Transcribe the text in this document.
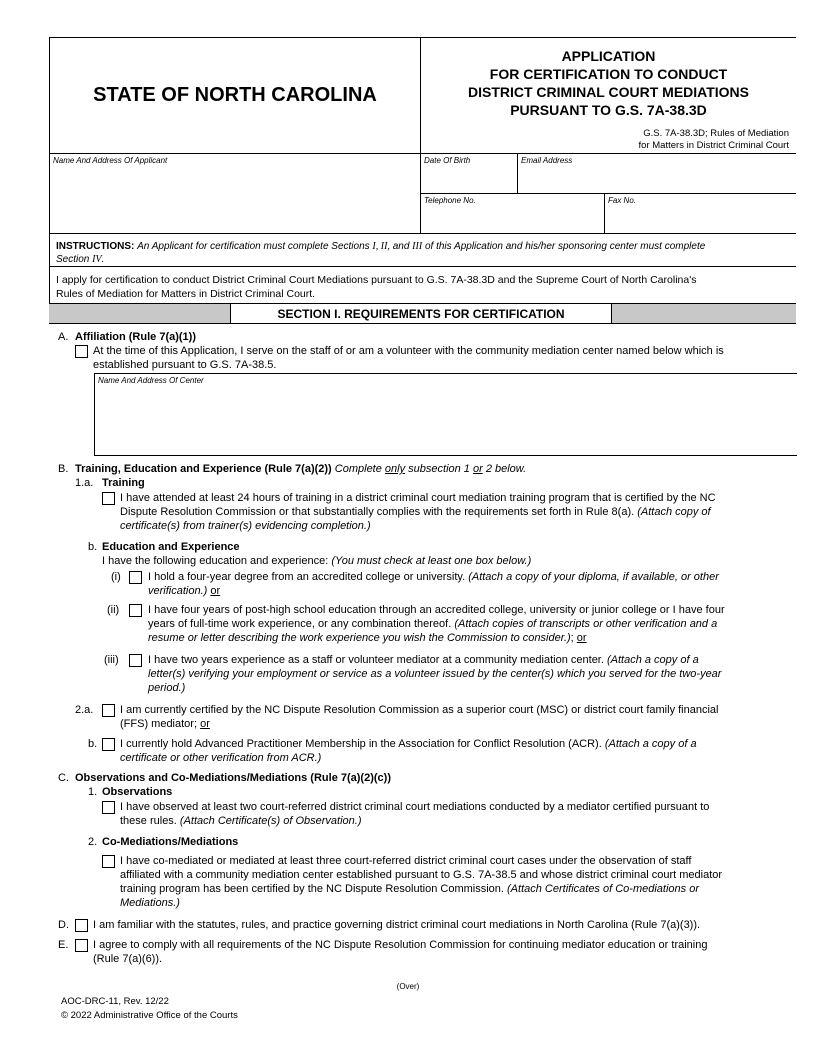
STATE OF NORTH CAROLINA
APPLICATION
FOR CERTIFICATION TO CONDUCT
DISTRICT CRIMINAL COURT MEDIATIONS
PURSUANT TO G.S. 7A-38.3D
G.S. 7A-38.3D; Rules of Mediation
for Matters in District Criminal Court
Name And Address Of Applicant	Date Of Birth	Email Address
Telephone No.	Fax No.
INSTRUCTIONS: An Applicant for certification must complete Sections I, II, and III of this Application and his/her sponsoring center must complete
Section IV.
I apply for certification to conduct District Criminal Court Mediations pursuant to G.S. 7A-38.3D and the Supreme Court of North Carolina's
Rules of Mediation for Matters in District Criminal Court.
SECTION I. REQUIREMENTS FOR CERTIFICATION
A. Affiliation (Rule 7(a)(1))
At the time of this Application, I serve on the staff of or am a volunteer with the community mediation center named below which is
established pursuant to G.S. 7A-38.5.
Name And Address Of Center
B. Training, Education and Experience (Rule 7(a)(2)) Complete only subsection 1 or 2 below.
1.a. Training
I have attended at least 24 hours of training in a district criminal court mediation training program that is certified by the NC
Dispute Resolution Commission or that substantially complies with the requirements set forth in Rule 8(a). (Attach copy of
certificate(s) from trainer(s) evidencing completion.)
b. Education and Experience
I have the following education and experience: (You must check at least one box below.)
(i) I hold a four-year degree from an accredited college or university. (Attach a copy of your diploma, if available, or other
verification.) or
(ii)	I have four years of post-high school education through an accredited college, university or junior college or I have four
years of full-time work experience, or any combination thereof. (Attach copies of transcripts or other verification and a
resume or letter describing the work experience you wish the Commission to consider.); or
(iii)	I have two years experience as a staff or volunteer mediator at a community mediation center. (Attach a copy of a
letter(s) verifying your employment or service as a volunteer issued by the center(s) which you served for the two-year
period.)
2.a. I am currently certified by the NC Dispute Resolution Commission as a superior court (MSC) or district court family financial
(FFS) mediator; or
b. I currently hold Advanced Practitioner Membership in the Association for Conflict Resolution (ACR). (Attach a copy of a
certificate or other verification from ACR.)
C. Observations and Co-Mediations/Mediations (Rule 7(a)(2)(c))
1. Observations
I have observed at least two court-referred district criminal court mediations conducted by a mediator certified pursuant to
these rules. (Attach Certificate(s) of Observation.)
2. Co-Mediations/Mediations
I have co-mediated or mediated at least three court-referred district criminal court cases under the observation of staff
affiliated with a community mediation center established pursuant to G.S. 7A-38.5 and whose district criminal court mediator
training program has been certified by the NC Dispute Resolution Commission. (Attach Certificates of Co-mediations or
Mediations.)
D. I am familiar with the statutes, rules, and practice governing district criminal court mediations in North Carolina (Rule 7(a)(3)).
E. I agree to comply with all requirements of the NC Dispute Resolution Commission for continuing mediator education or training
(Rule 7(a)(6)).
(Over)
AOC-DRC-11, Rev. 12/22
© 2022 Administrative Office of the Courts
